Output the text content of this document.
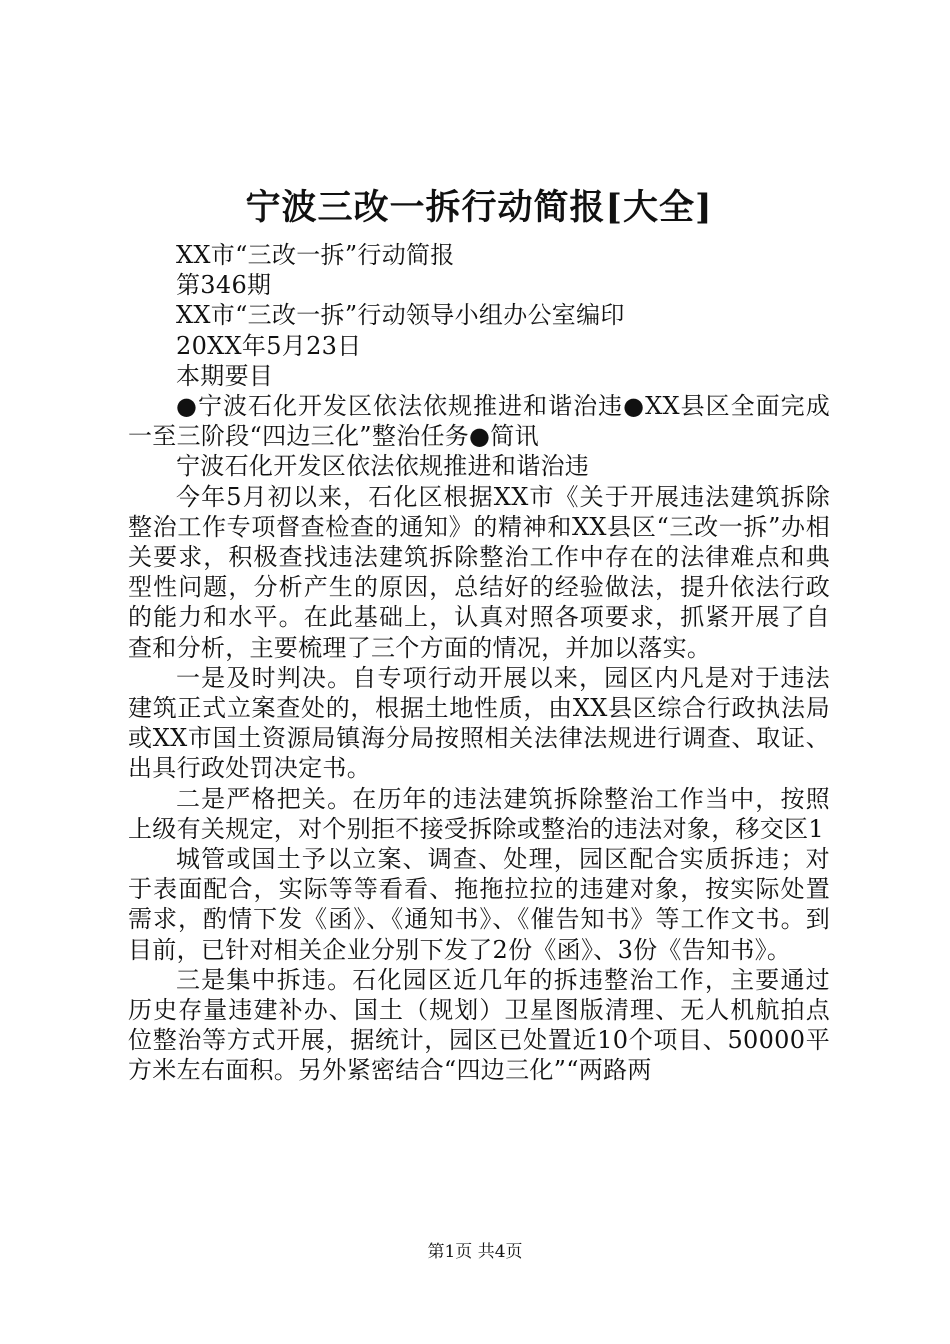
宁波三改一拆行动简报[大全]

XX市“三改一拆”行动简报

第346期

XX市“三改一拆”行动领导小组办公室编印

20XX年5月23日

本期要目

●宁波石化开发区依法依规推进和谐治违●XX县区全面完成一至三阶段“四边三化”整治任务●简讯

宁波石化开发区依法依规推进和谐治违

今年5月初以来，石化区根据XX市《关于开展违法建筑拆除整治工作专项督查检查的通知》的精神和XX县区“三改一拆”办相关要求，积极查找违法建筑拆除整治工作中存在的法律难点和典型性问题，分析产生的原因，总结好的经验做法，提升依法行政的能力和水平。在此基础上，认真对照各项要求，抓紧开展了自查和分析，主要梳理了三个方面的情况，并加以落实。

一是及时判决。自专项行动开展以来，园区内凡是对于违法建筑正式立案查处的，根据土地性质，由XX县区综合行政执法局或XX市国土资源局镇海分局按照相关法律法规进行调查、取证、出具行政处罚决定书。

二是严格把关。在历年的违法建筑拆除整治工作当中，按照上级有关规定，对个别拒不接受拆除或整治的违法对象，移交区1

城管或国土予以立案、调查、处理，园区配合实质拆违；对于表面配合，实际等等看看、拖拖拉拉的违建对象，按实际处置需求，酌情下发《函》、《通知书》、《催告知书》等工作文书。到目前，已针对相关企业分别下发了2份《函》、3份《告知书》。

三是集中拆违。石化园区近几年的拆违整治工作，主要通过历史存量违建补办、国土（规划）卫星图版清理、无人机航拍点位整治等方式开展，据统计，园区已处置近10个项目、50000平方米左右面积。另外紧密结合“四边三化”“两路两

第1页 共4页
